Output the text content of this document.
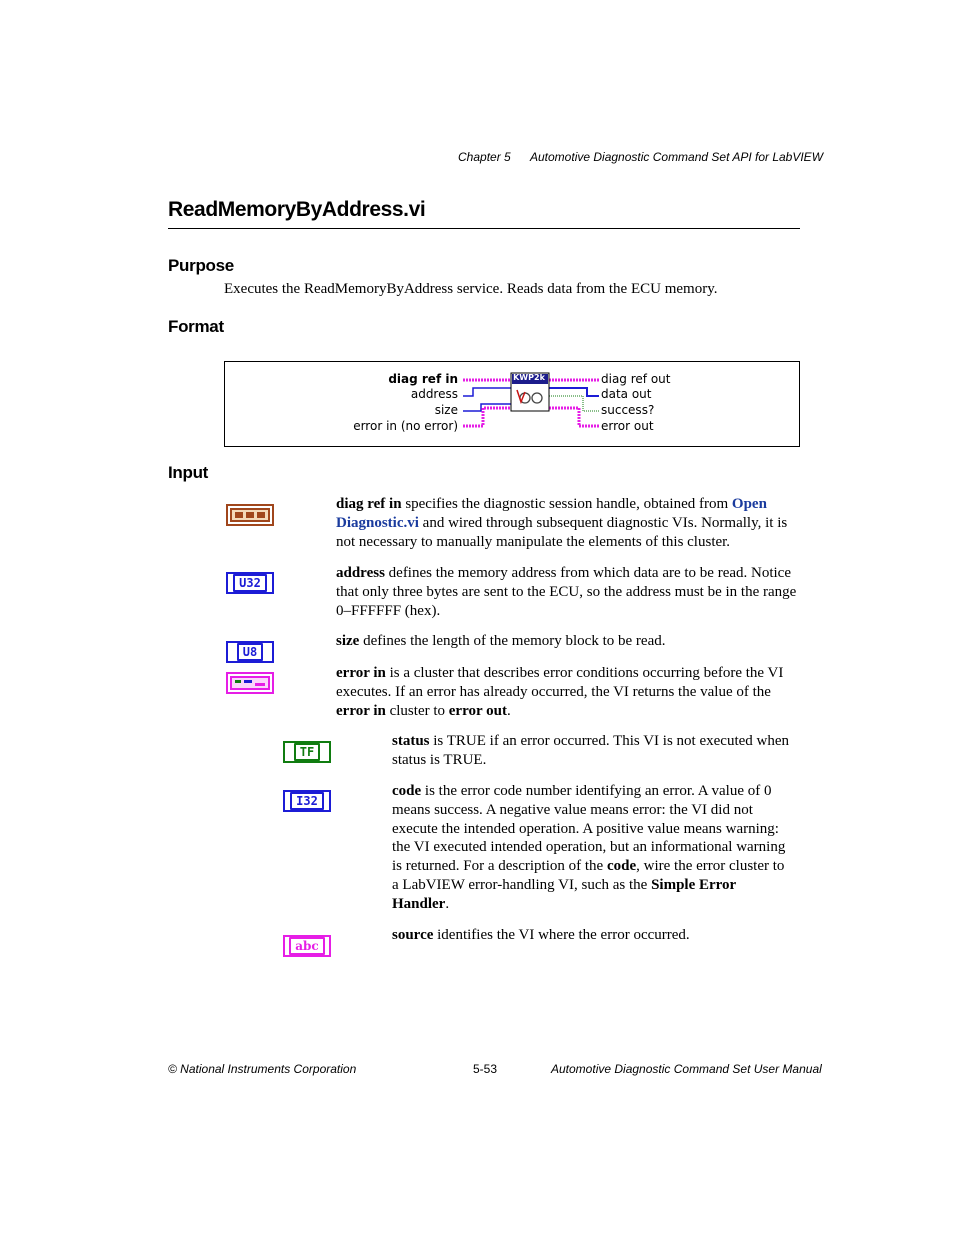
Chapter 5 Automotive Diagnostic Command Set API for LabVIEW
ReadMemoryByAddress.vi
Purpose
Executes the ReadMemoryByAddress service. Reads data from the ECU memory.
Format
diag ref in
address
size
error in (no error)
diag ref out
data out
success?
error out
KWP2k
Input
diag ref in specifies the diagnostic session handle, obtained from Open
Diagnostic.vi and wired through subsequent diagnostic VIs. Normally, it is
not necessary to manually manipulate the elements of this cluster.
U32
address defines the memory address from which data are to be read. Notice
that only three bytes are sent to the ECU, so the address must be in the range
0–FFFFFF (hex).
U8
size defines the length of the memory block to be read.
error in is a cluster that describes error conditions occurring before the VI
executes. If an error has already occurred, the VI returns the value of the
error in cluster to error out.
TF
status is TRUE if an error occurred. This VI is not executed when
status is TRUE.
I32
code is the error code number identifying an error. A value of 0
means success. A negative value means error: the VI did not
execute the intended operation. A positive value means warning:
the VI executed intended operation, but an informational warning
is returned. For a description of the code, wire the error cluster to
a LabVIEW error-handling VI, such as the Simple Error
Handler.
abc
source identifies the VI where the error occurred.
© National Instruments Corporation	5-53	Automotive Diagnostic Command Set User Manual
